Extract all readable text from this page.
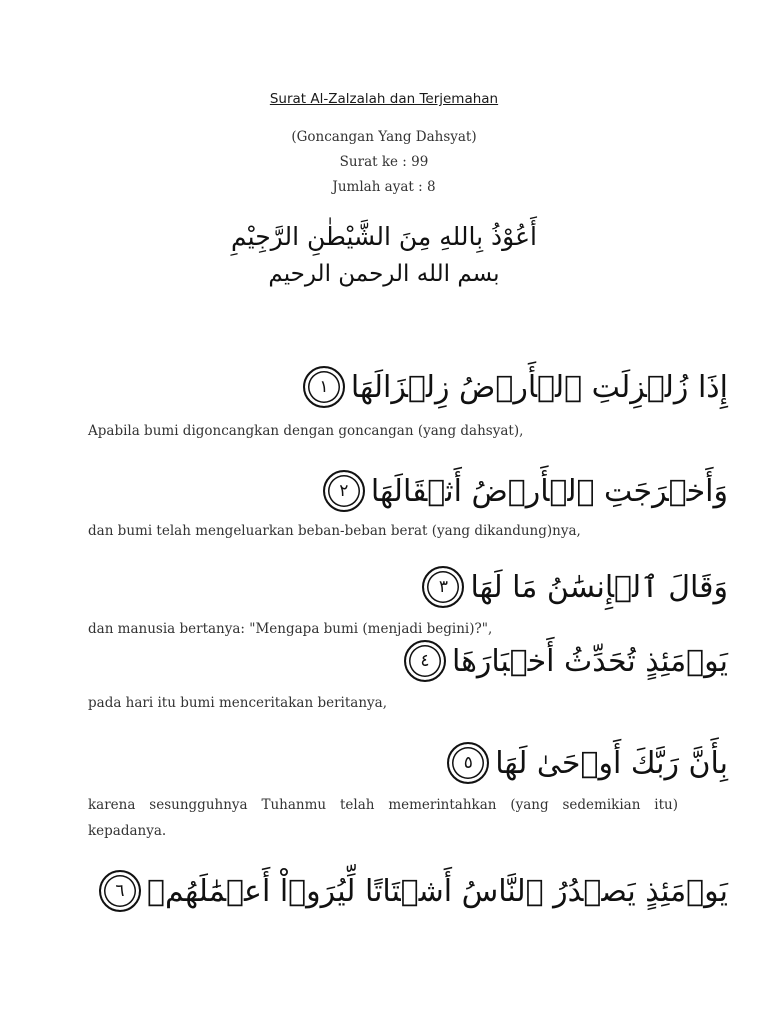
Surat Al-Zalzalah dan Terjemahan
(Goncangan Yang Dahsyat)
Surat ke : 99
Jumlah ayat : 8
أَعُوْذُ بِاللهِ مِنَ الشَّيْطٰنِ الرَّجِيْمِ
بسم الله الرحمن الرحيم
إِذَا زُلۡزِلَتِ ٱلۡأَرۡضُ زِلۡزَالَهَا
١
Apabila bumi digoncangkan dengan goncangan (yang dahsyat),
وَأَخۡرَجَتِ ٱلۡأَرۡضُ أَثۡقَالَهَا
٢
dan bumi telah mengeluarkan beban-beban berat (yang dikandung)nya,
وَقَالَ ٱلۡإِنسَٰنُ مَا لَهَا
٣
dan manusia bertanya: "Mengapa bumi (menjadi begini)?",
يَوۡمَئِذٍ تُحَدِّثُ أَخۡبَارَهَا
٤
pada hari itu bumi menceritakan beritanya,
بِأَنَّ رَبَّكَ أَوۡحَىٰ لَهَا
٥
karena sesungguhnya Tuhanmu telah memerintahkan (yang sedemikian itu) kepadanya.
يَوۡمَئِذٍ يَصۡدُرُ ٱلنَّاسُ أَشۡتَاتًا لِّيُرَوۡاْ أَعۡمَٰلَهُمۡ
٦
